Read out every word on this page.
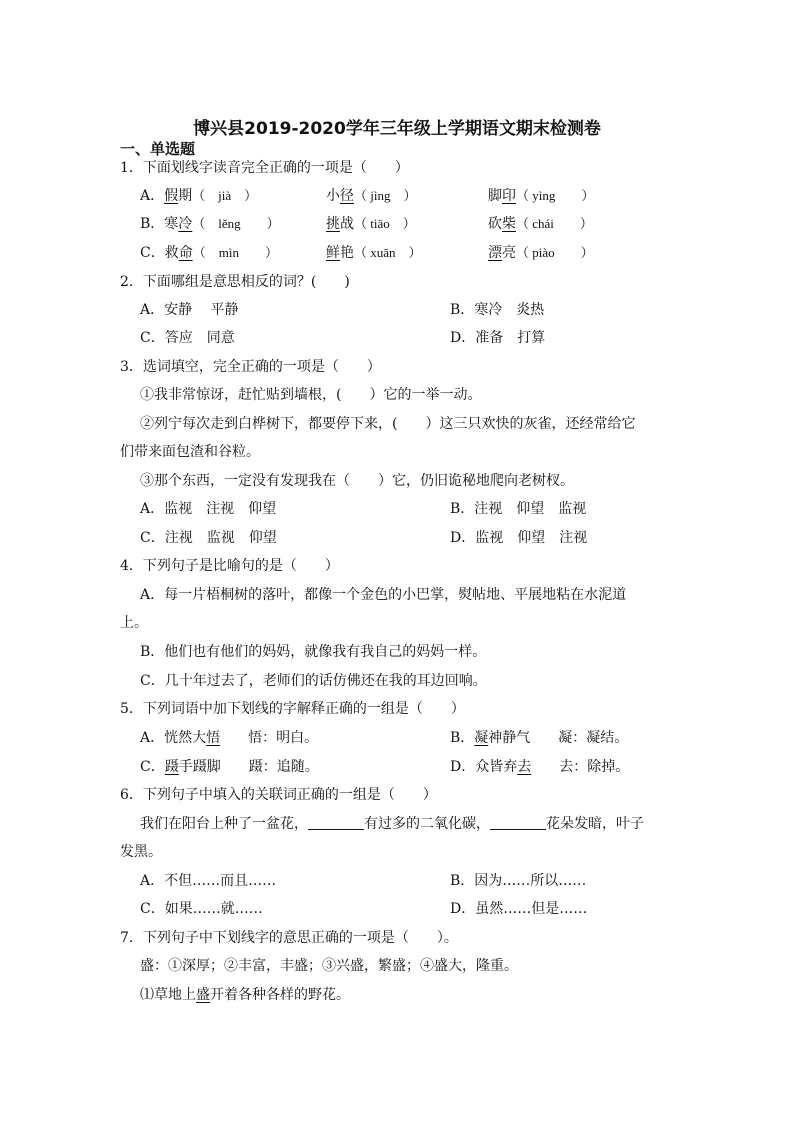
博兴县2019-2020学年三年级上学期语文期末检测卷
一、单选题
1．下面划线字读音完全正确的一项是（　　）
A．假期（　jià　）	小径（ jìng　）	脚印（ yìng　　）
B．寒冷（　lěng　　）	挑战（ tiāo　）	砍柴（ chái　　）
C．救命（　mìn　　）	鲜艳（ xuān　）	漂亮（ piào　　）
2．下面哪组是意思相反的词？(　　)
A．安静　 平静	B．寒冷　炎热
C．答应　同意	D．准备　打算
3．选词填空，完全正确的一项是（　　）
①我非常惊讶，赶忙贴到墙根，(　　）它的一举一动。
②列宁每次走到白桦树下，都要停下来，(　　）这三只欢快的灰雀，还经常给它
们带来面包渣和谷粒。
③那个东西，一定没有发现我在（　　）它，仍旧诡秘地爬向老树杈。
A．监视　注视　仰望	B．注视　仰望　监视
C．注视　监视　仰望	D．监视　仰望　注视
4．下列句子是比喻句的是（　　）
A．每一片梧桐树的落叶，都像一个金色的小巴掌，熨帖地、平展地粘在水泥道
上。
B．他们也有他们的妈妈，就像我有我自己的妈妈一样。
C．几十年过去了，老师们的话仿佛还在我的耳边回响。
5．下列词语中加下划线的字解释正确的一组是（　　）
A．恍然大悟　　悟：明白。	B．凝神静气　　凝：凝结。
C．蹑手蹑脚　　蹑：追随。	D．众皆弃去　　去：除掉。
6．下列句子中填入的关联词正确的一组是（　　）
我们在阳台上种了一盆花，	有过多的二氧化碳，	花朵发暗，叶子
发黑。
A．不但……而且……	B．因为……所以……
C．如果……就……	D．虽然……但是……
7．下列句子中下划线字的意思正确的一项是（　　）。
盛：①深厚；②丰富，丰盛；③兴盛，繁盛；④盛大，隆重。
⑴草地上盛开着各种各样的野花。
